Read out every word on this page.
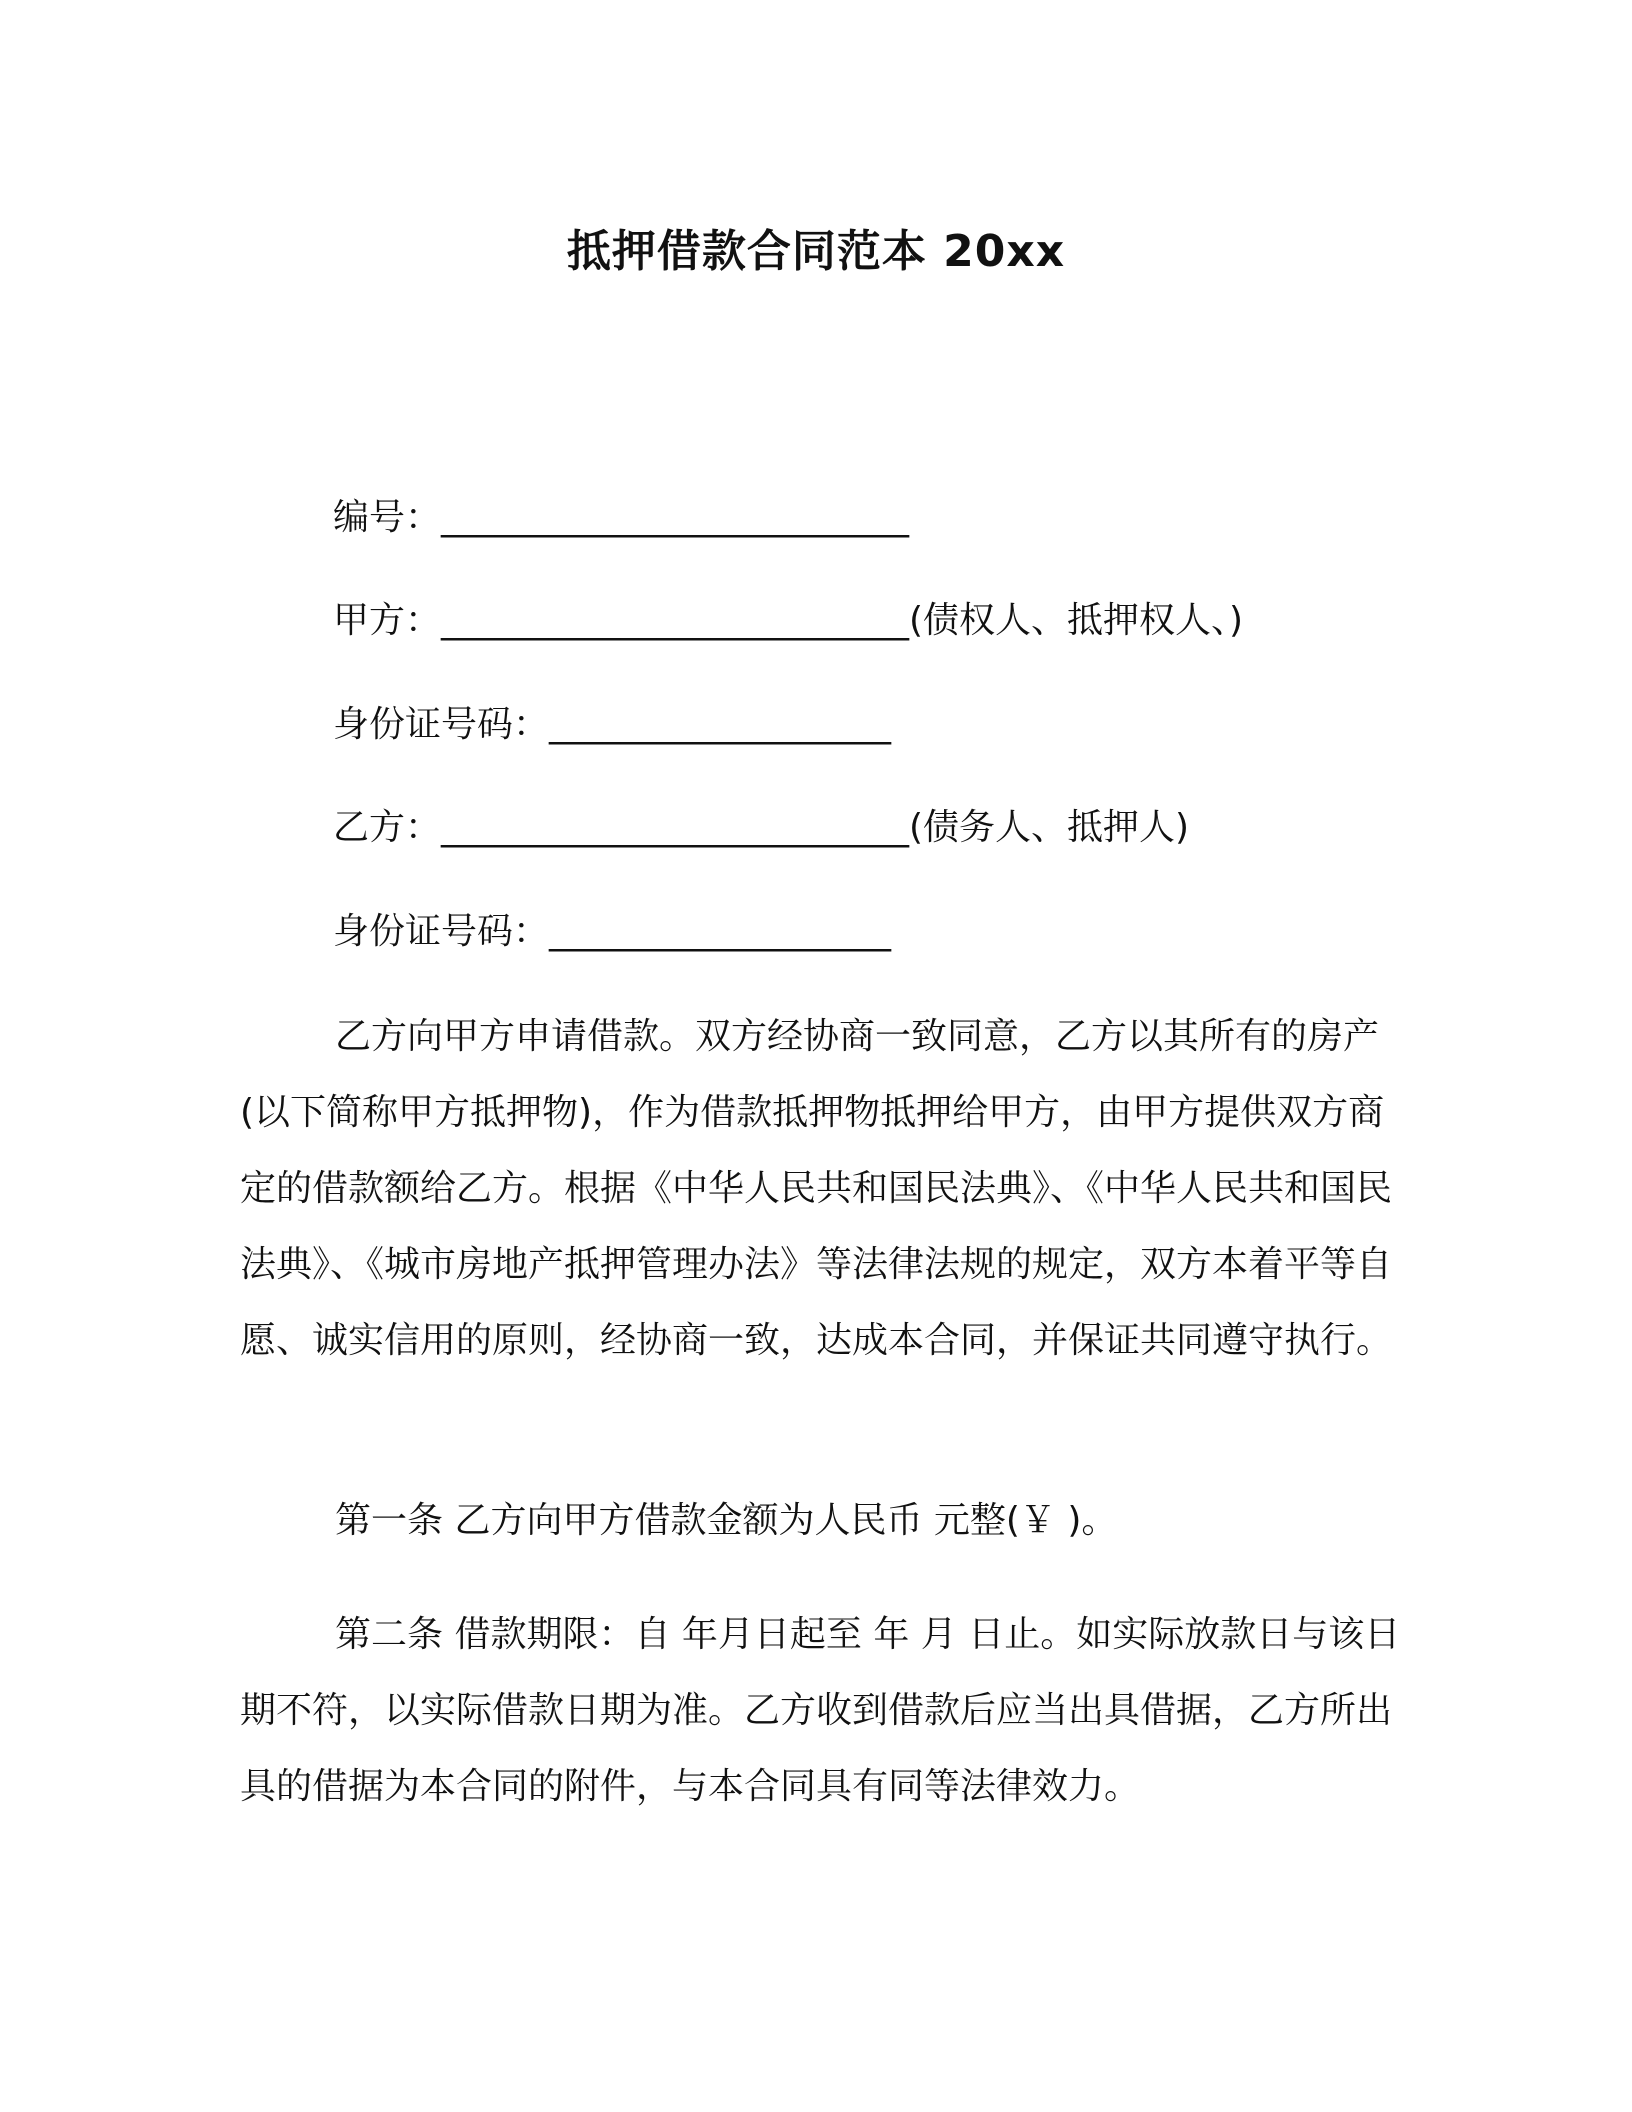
抵押借款合同范本 20xx
编号：__________________________
甲方：__________________________(债权人、抵押权人、)
身份证号码：___________________
乙方：__________________________(债务人、抵押人)
身份证号码：___________________

乙方向甲方申请借款。双方经协商一致同意，乙方以其所有的房产(以下简称甲方抵押物)，作为借款抵押物抵押给甲方，由甲方提供双方商定的借款额给乙方。根据《中华人民共和国民法典》、《中华人民共和国民法典》、《城市房地产抵押管理办法》等法律法规的规定，双方本着平等自愿、诚实信用的原则，经协商一致，达成本合同，并保证共同遵守执行。

第一条 乙方向甲方借款金额为人民币 元整(￥ )。

第二条 借款期限：自 年月日起至 年 月 日止。如实际放款日与该日期不符，以实际借款日期为准。乙方收到借款后应当出具借据，乙方所出具的借据为本合同的附件，与本合同具有同等法律效力。
